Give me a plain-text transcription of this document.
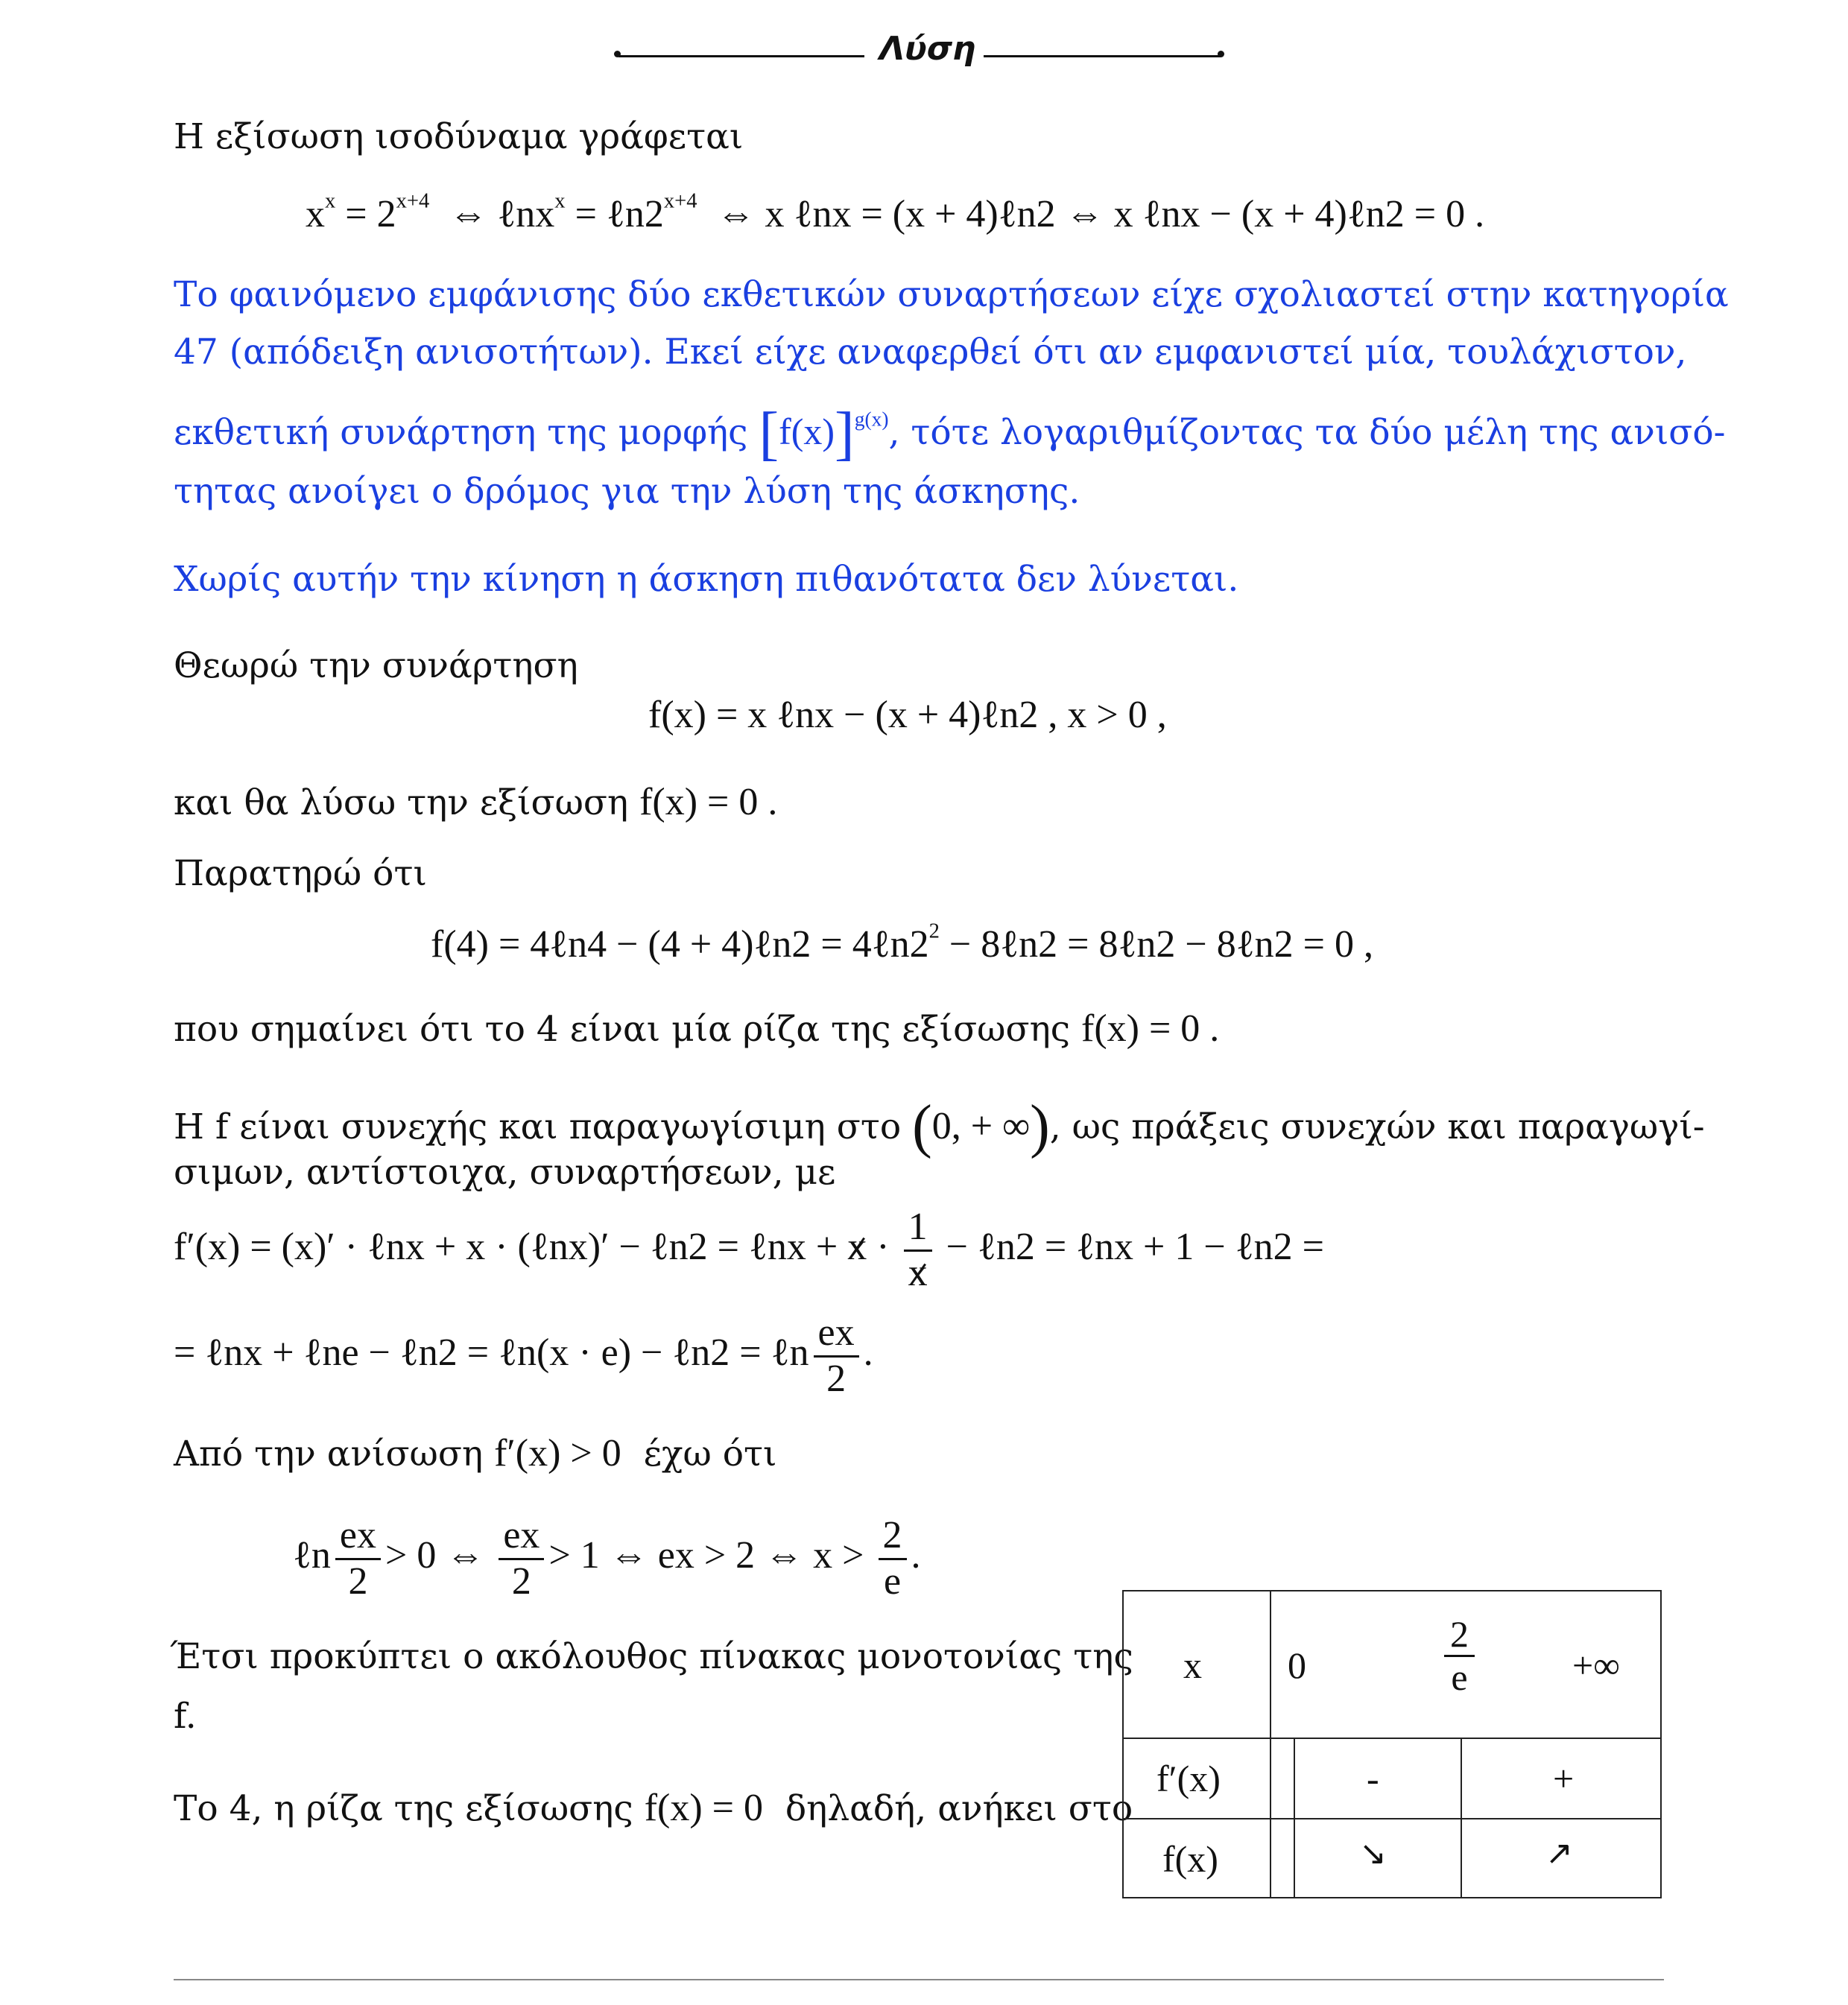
Λύση
Η εξίσωση ισοδύναμα γράφεται
$x^x = 2^{x+4}$  ⇔ ℓnx$^x$ = $\ell n2^{x+4}$  ⇔ x ℓnx = (x + 4)ℓn2 ⇔ x ℓnx − (x + 4)ℓn2 = 0 .
Το φαινόμενο εμφάνισης δύο εκθετικών συναρτήσεων είχε σχολιαστεί στην κατηγορία
47 (απόδειξη ανισοτήτων). Εκεί είχε αναφερθεί ότι αν εμφανιστεί μία, τουλάχιστον,
εκθετική συνάρτηση της μορφής $[f(x)]^{g(x)}$, τότε λογαριθμίζοντας τα δύο μέλη της ανισό-
τητας ανοίγει ο δρόμος για την λύση της άσκησης.
Χωρίς αυτήν την κίνηση η άσκηση πιθανότατα δεν λύνεται.
Θεωρώ την συνάρτηση
f(x) = x ℓnx − (x + 4)ℓn2 , x > 0 ,
και θα λύσω την εξίσωση f(x) = 0 .
Παρατηρώ ότι
f(4) = 4ℓn4 − (4 + 4)ℓn2 = $4\ell n2^2$ − 8ℓn2 = 8ℓn2 − 8ℓn2 = 0 ,
που σημαίνει ότι το 4 είναι μία ρίζα της εξίσωσης f(x) = 0 .
Η f είναι συνεχής και παραγωγίσιμη στο (0, + ∞), ως πράξεις συνεχών και παραγωγί-
σιμων, αντίστοιχα, συναρτήσεων, με
f′(x) = (x)′ · ℓnx + x · (ℓnx)′ − ℓn2 = ℓnx + $x \cdot \frac{1}{x}$ − ℓn2 = ℓnx + 1 − ℓn2 =
= ℓnx + ℓne − ℓn2 = ℓn(x · e) − ℓn2 = ℓn $\frac{ex}{2}$ .
Από την ανίσωση f′(x) > 0 έχω ότι
ℓn $\frac{ex}{2} > 0$ ⇔ $\frac{ex}{2} > 1$ ⇔ ex > 2 ⇔ $x > \frac{2}{e}$ .
Έτσι προκύπτει ο ακόλουθος πίνακας μονοτονίας της
f.
Το 4, η ρίζα της εξίσωσης f(x) = 0 δηλαδή, ανήκει στο
x 0	$\frac{2}{e}$	+∞
f′(x)	-	+
f(x)	↘	↗
